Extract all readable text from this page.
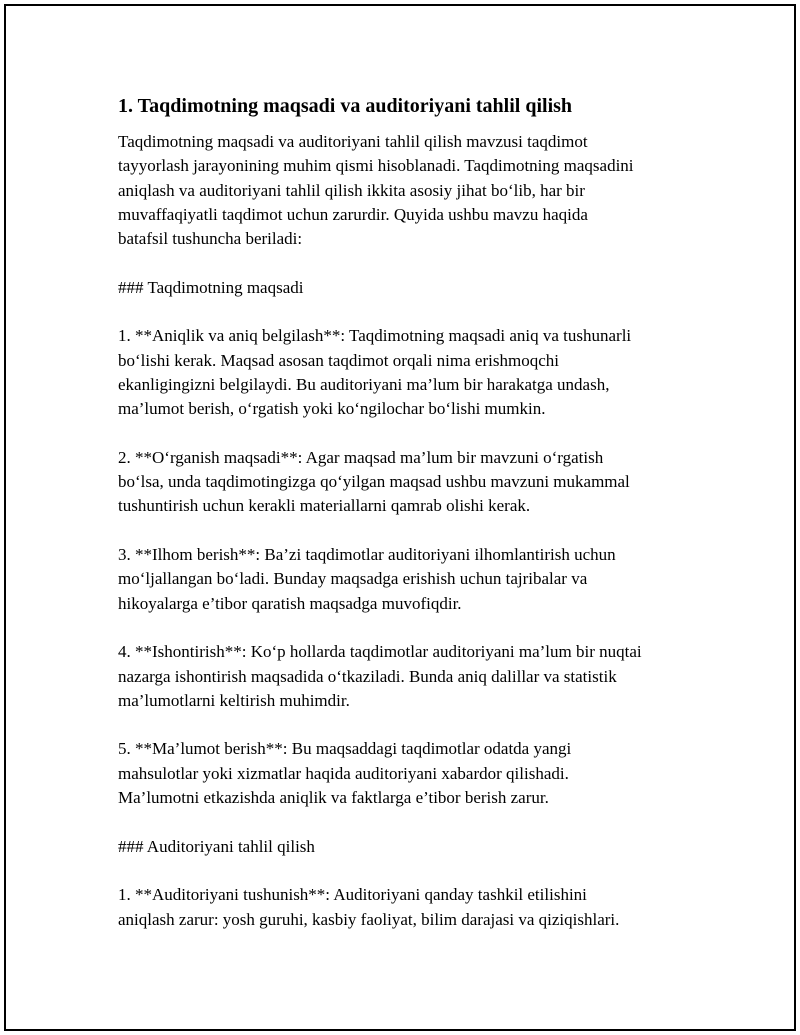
1. Taqdimotning maqsadi va auditoriyani tahlil qilish

Taqdimotning maqsadi va auditoriyani tahlil qilish mavzusi taqdimot
tayyorlash jarayonining muhim qismi hisoblanadi. Taqdimotning maqsadini
aniqlash va auditoriyani tahlil qilish ikkita asosiy jihat bo‘lib, har bir
muvaffaqiyatli taqdimot uchun zarurdir. Quyida ushbu mavzu haqida
batafsil tushuncha beriladi:

### Taqdimotning maqsadi

1. **Aniqlik va aniq belgilash**: Taqdimotning maqsadi aniq va tushunarli
bo‘lishi kerak. Maqsad asosan taqdimot orqali nima erishmoqchi
ekanligingizni belgilaydi. Bu auditoriyani ma’lum bir harakatga undash,
ma’lumot berish, o‘rgatish yoki ko‘ngilochar bo‘lishi mumkin.

2. **O‘rganish maqsadi**: Agar maqsad ma’lum bir mavzuni o‘rgatish
bo‘lsa, unda taqdimotingizga qo‘yilgan maqsad ushbu mavzuni mukammal
tushuntirish uchun kerakli materiallarni qamrab olishi kerak.

3. **Ilhom berish**: Ba’zi taqdimotlar auditoriyani ilhomlantirish uchun
mo‘ljallangan bo‘ladi. Bunday maqsadga erishish uchun tajribalar va
hikoyalarga e’tibor qaratish maqsadga muvofiqdir.

4. **Ishontirish**: Ko‘p hollarda taqdimotlar auditoriyani ma’lum bir nuqtai
nazarga ishontirish maqsadida o‘tkaziladi. Bunda aniq dalillar va statistik
ma’lumotlarni keltirish muhimdir.

5. **Ma’lumot berish**: Bu maqsaddagi taqdimotlar odatda yangi
mahsulotlar yoki xizmatlar haqida auditoriyani xabardor qilishadi.
Ma’lumotni etkazishda aniqlik va faktlarga e’tibor berish zarur.

### Auditoriyani tahlil qilish

1. **Auditoriyani tushunish**: Auditoriyani qanday tashkil etilishini
aniqlash zarur: yosh guruhi, kasbiy faoliyat, bilim darajasi va qiziqishlari.
